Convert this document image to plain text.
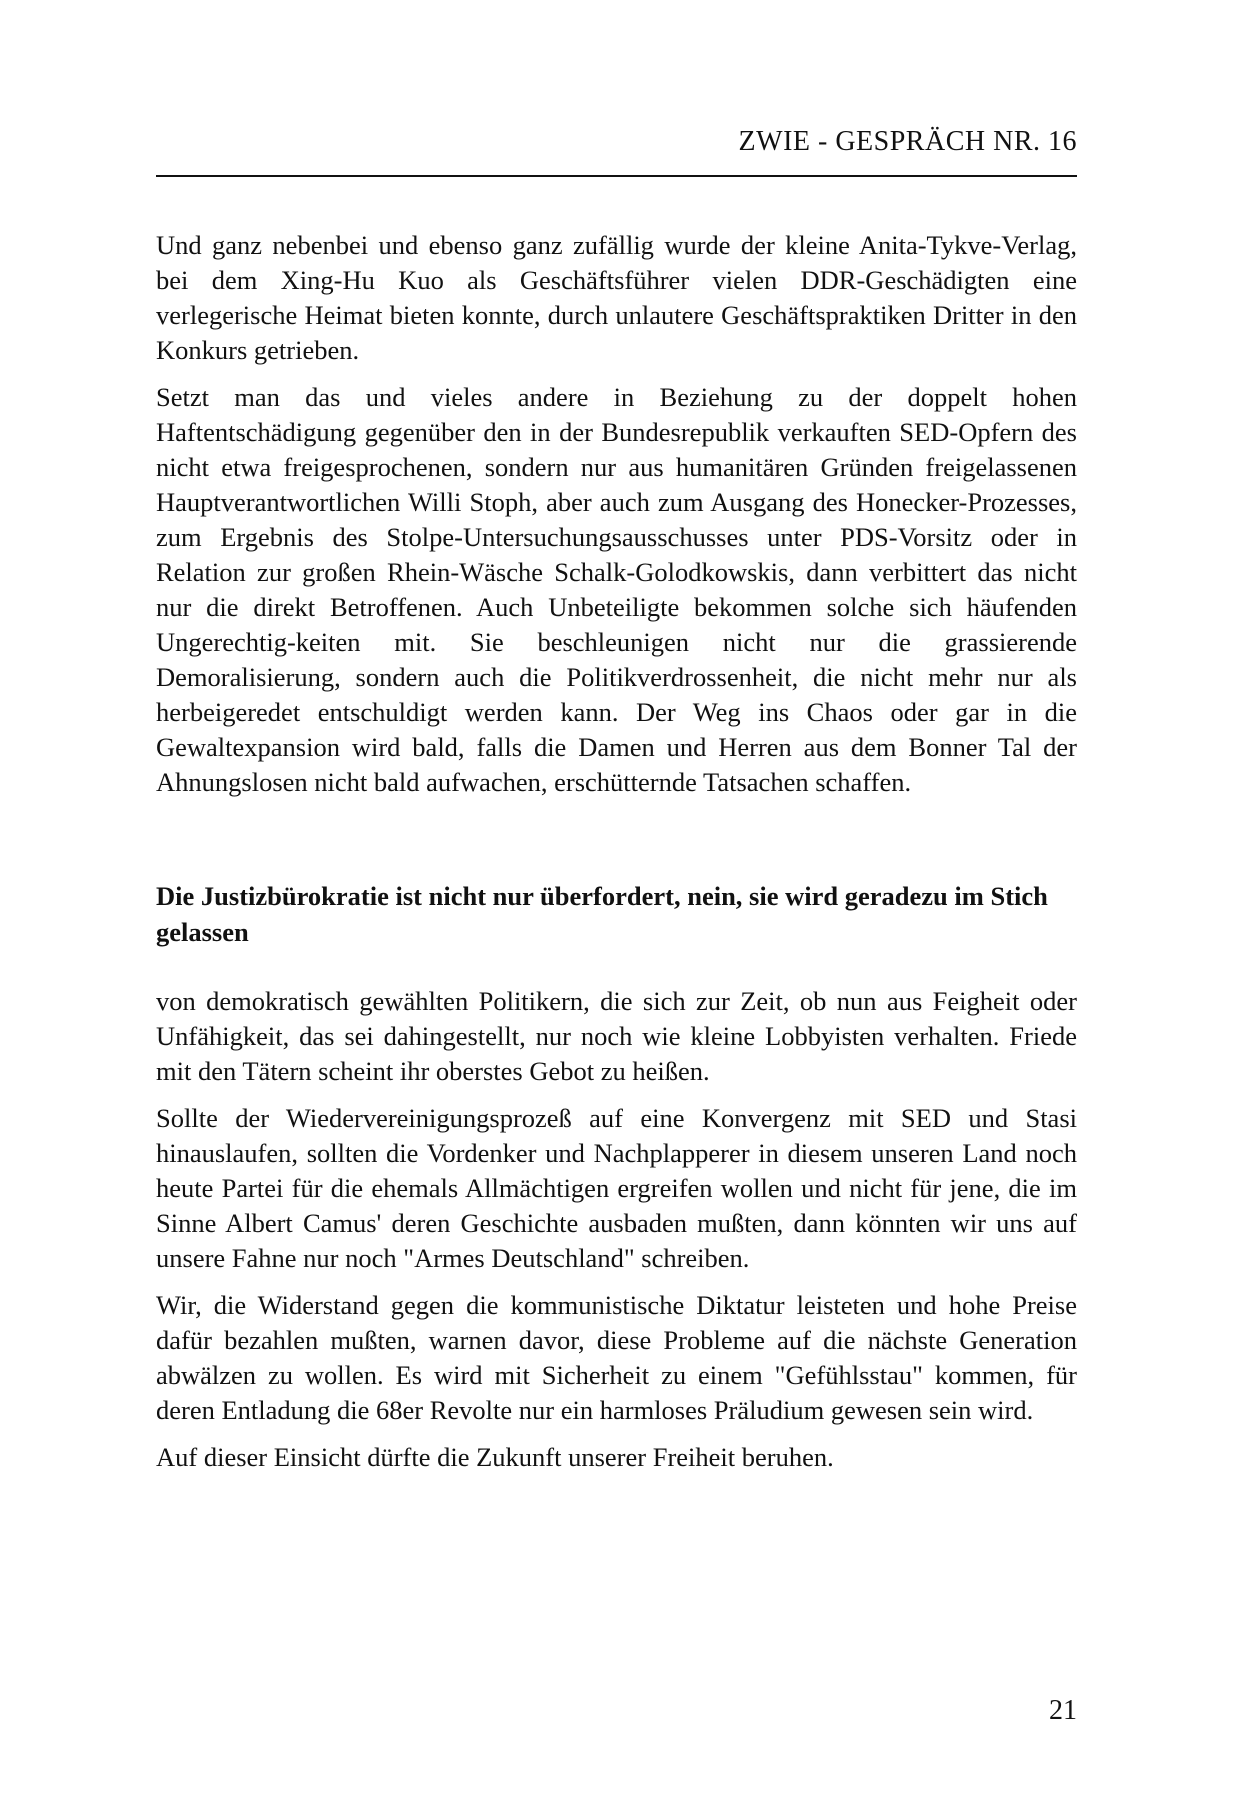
ZWIE - GESPRÄCH NR. 16

Und ganz nebenbei und ebenso ganz zufällig wurde der kleine Anita-Tykve-Verlag, bei dem Xing-Hu Kuo als Geschäftsführer vielen DDR-Geschädigten eine verlegerische Heimat bieten konnte, durch unlautere Geschäftspraktiken Dritter in den Konkurs getrieben.

Setzt man das und vieles andere in Beziehung zu der doppelt hohen Haftentschädigung gegenüber den in der Bundesrepublik verkauften SED-Opfern des nicht etwa freigesprochenen, sondern nur aus humanitären Gründen freigelassenen Hauptverantwortlichen Willi Stoph, aber auch zum Ausgang des Honecker-Prozesses, zum Ergebnis des Stolpe-Untersuchungsausschusses unter PDS-Vorsitz oder in Relation zur großen Rhein-Wäsche Schalk-Golodkowskis, dann verbittert das nicht nur die direkt Betroffenen. Auch Unbeteiligte bekommen solche sich häufenden Ungerechtig-keiten mit. Sie beschleunigen nicht nur die grassierende Demoralisierung, sondern auch die Politikverdrossenheit, die nicht mehr nur als herbeigeredet entschuldigt werden kann. Der Weg ins Chaos oder gar in die Gewaltexpansion wird bald, falls die Damen und Herren aus dem Bonner Tal der Ahnungslosen nicht bald aufwachen, erschütternde Tatsachen schaffen.

Die Justizbürokratie ist nicht nur überfordert, nein, sie wird geradezu im Stich gelassen

von demokratisch gewählten Politikern, die sich zur Zeit, ob nun aus Feigheit oder Unfähigkeit, das sei dahingestellt, nur noch wie kleine Lobbyisten verhalten. Friede mit den Tätern scheint ihr oberstes Gebot zu heißen.

Sollte der Wiedervereinigungsprozeß auf eine Konvergenz mit SED und Stasi hinauslaufen, sollten die Vordenker und Nachplapperer in diesem unseren Land noch heute Partei für die ehemals Allmächtigen ergreifen wollen und nicht für jene, die im Sinne Albert Camus' deren Geschichte ausbaden mußten, dann könnten wir uns auf unsere Fahne nur noch "Armes Deutschland" schreiben.

Wir, die Widerstand gegen die kommunistische Diktatur leisteten und hohe Preise dafür bezahlen mußten, warnen davor, diese Probleme auf die nächste Generation abwälzen zu wollen. Es wird mit Sicherheit zu einem "Gefühlsstau" kommen, für deren Entladung die 68er Revolte nur ein harmloses Präludium gewesen sein wird.

Auf dieser Einsicht dürfte die Zukunft unserer Freiheit beruhen.

21
